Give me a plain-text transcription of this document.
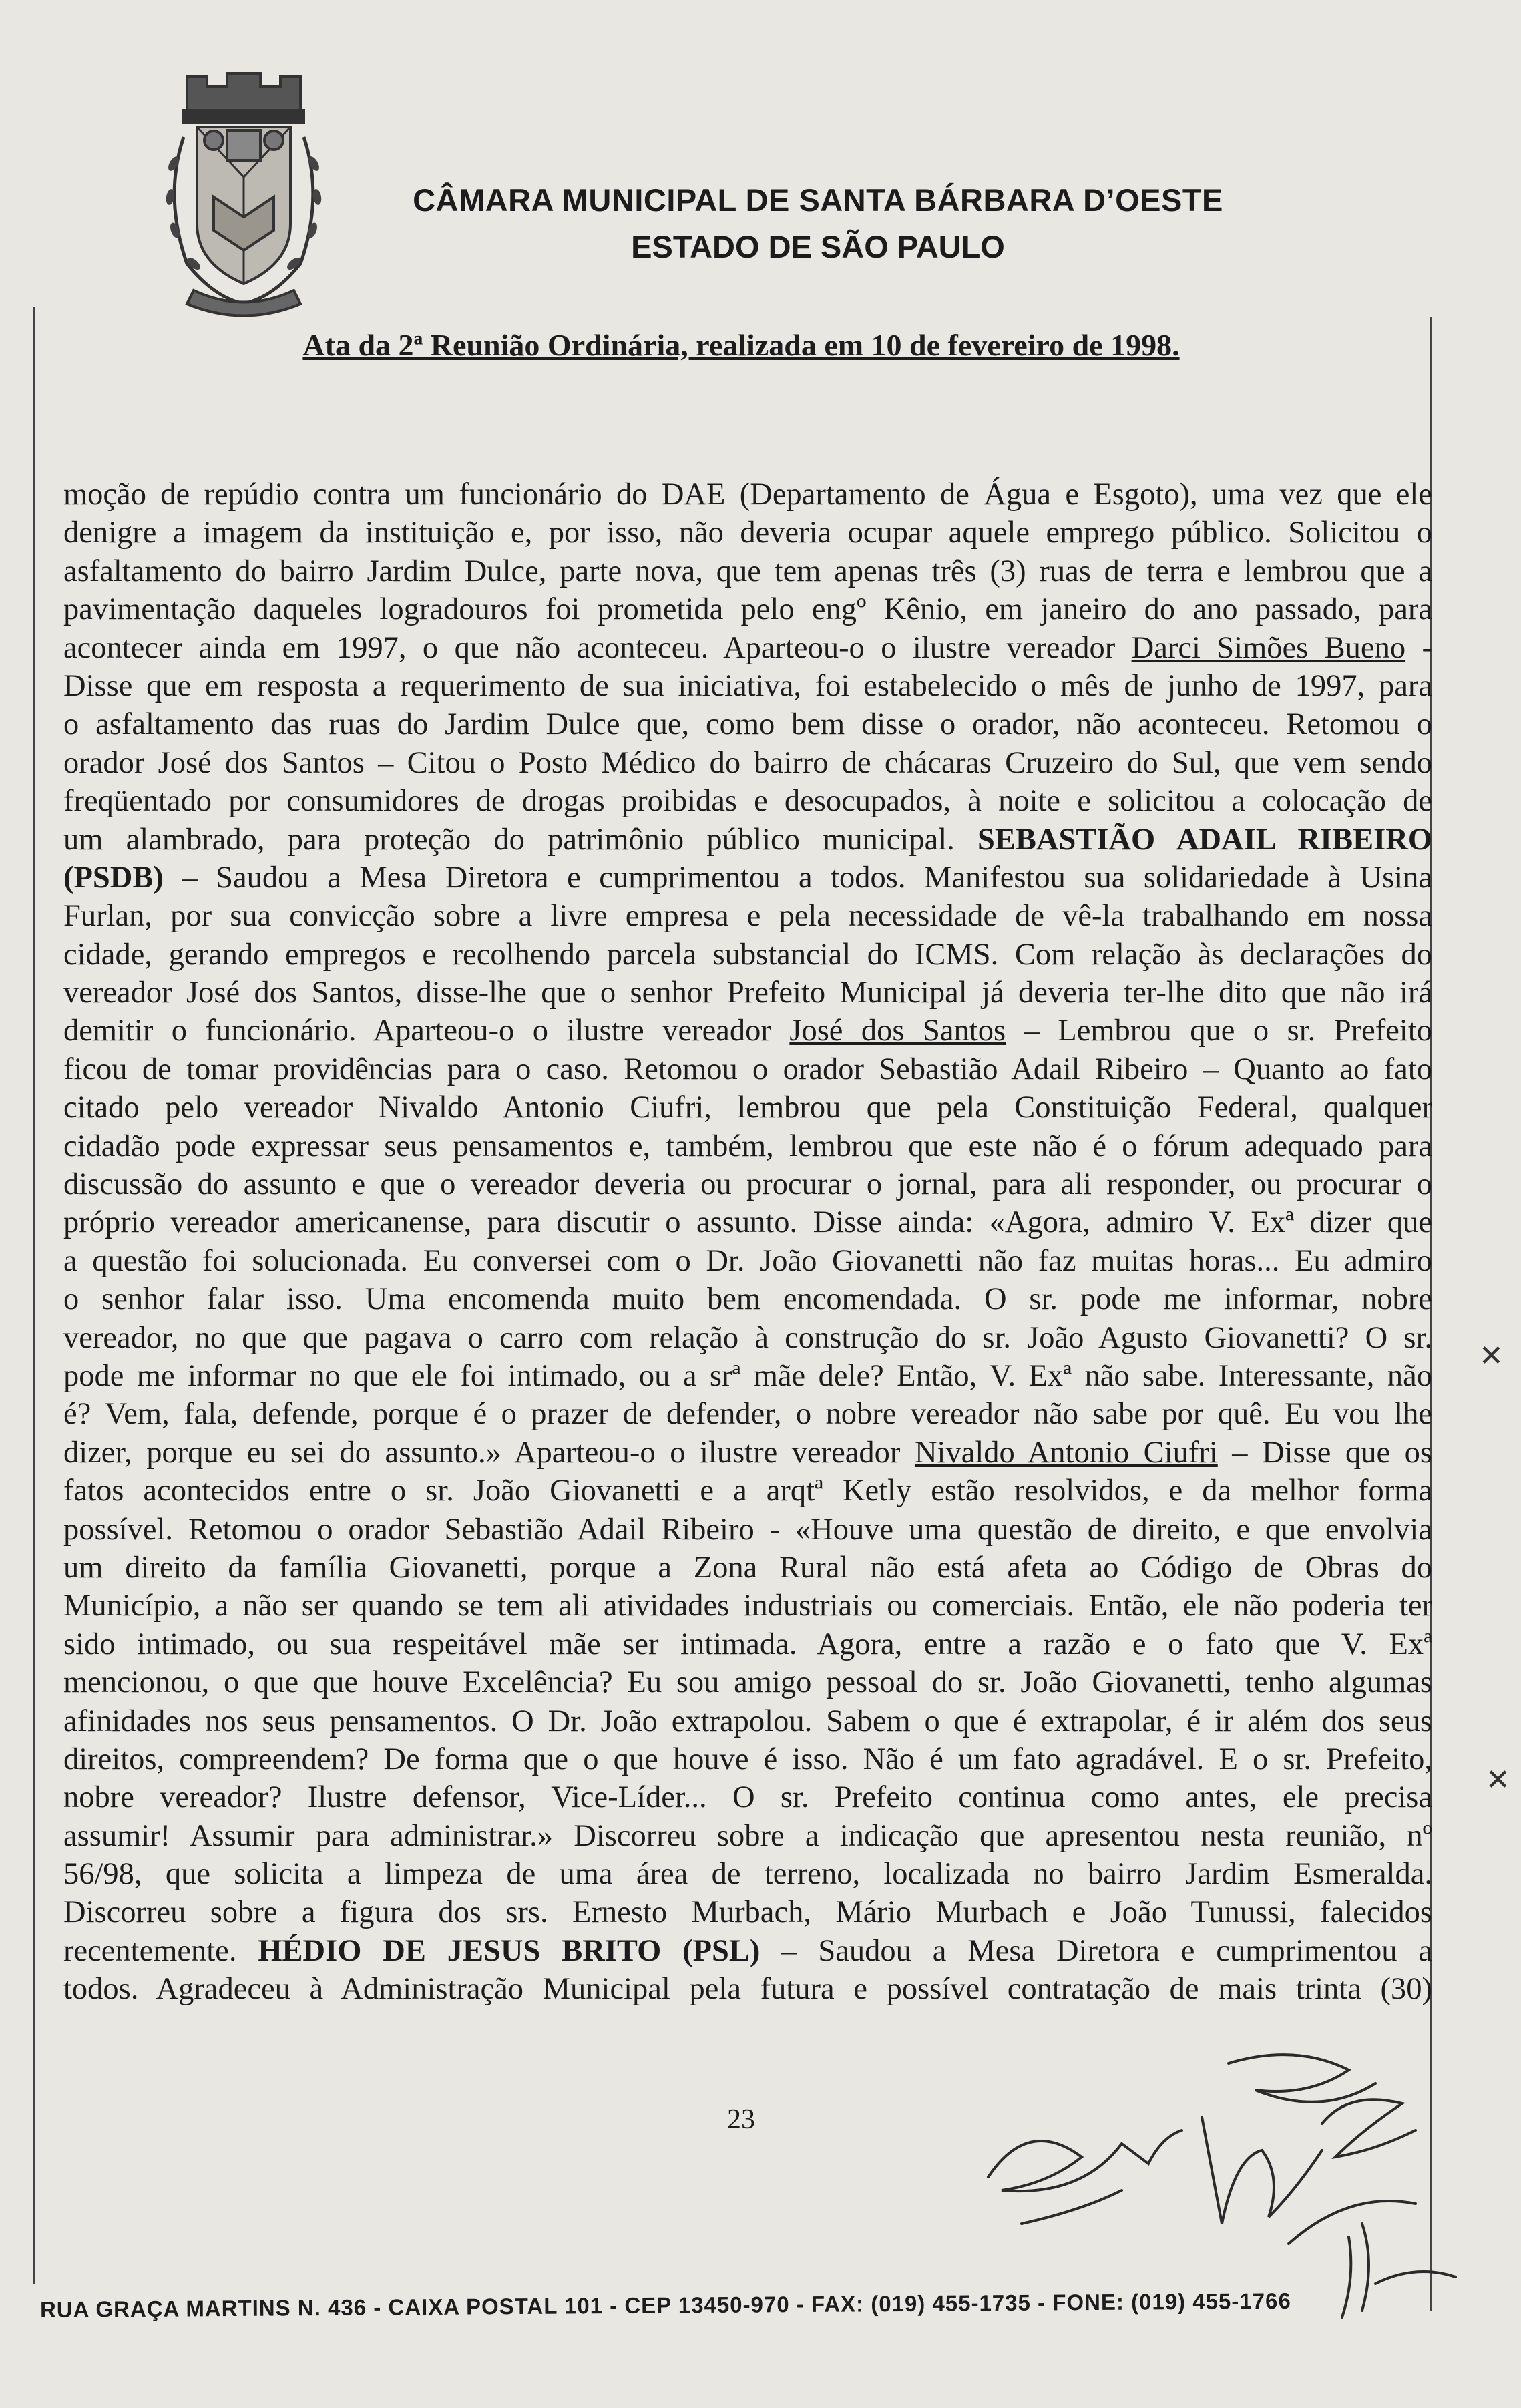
CÂMARA MUNICIPAL DE SANTA BÁRBARA D’OESTE
ESTADO DE SÃO PAULO
Ata da 2$^a$ Reunião Ordinária, realizada em 10 de fevereiro de 1998.
moção de repúdio contra um funcionário do DAE (Departamento de Água e Esgoto), uma vez que ele
denigre a imagem da instituição e, por isso, não deveria ocupar aquele emprego público. Solicitou o
asfaltamento do bairro Jardim Dulce, parte nova, que tem apenas três (3) ruas de terra e lembrou que a
pavimentação daqueles logradouros foi prometida pelo engº Kênio, em janeiro do ano passado, para
acontecer ainda em 1997, o que não aconteceu. Aparteou-o o ilustre vereador Darci Simões Bueno -
Disse que em resposta a requerimento de sua iniciativa, foi estabelecido o mês de junho de 1997, para
o asfaltamento das ruas do Jardim Dulce que, como bem disse o orador, não aconteceu. Retomou o
orador José dos Santos – Citou o Posto Médico do bairro de chácaras Cruzeiro do Sul, que vem sendo
freqüentado por consumidores de drogas proibidas e desocupados, à noite e solicitou a colocação de
um alambrado, para proteção do patrimônio público municipal. SEBASTIÃO ADAIL RIBEIRO
(PSDB) – Saudou a Mesa Diretora e cumprimentou a todos. Manifestou sua solidariedade à Usina
Furlan, por sua convicção sobre a livre empresa e pela necessidade de vê-la trabalhando em nossa
cidade, gerando empregos e recolhendo parcela substancial do ICMS. Com relação às declarações do
vereador José dos Santos, disse-lhe que o senhor Prefeito Municipal já deveria ter-lhe dito que não irá
demitir o funcionário. Aparteou-o o ilustre vereador José dos Santos – Lembrou que o sr. Prefeito
ficou de tomar providências para o caso. Retomou o orador Sebastião Adail Ribeiro – Quanto ao fato
citado pelo vereador Nivaldo Antonio Ciufri, lembrou que pela Constituição Federal, qualquer
cidadão pode expressar seus pensamentos e, também, lembrou que este não é o fórum adequado para
discussão do assunto e que o vereador deveria ou procurar o jornal, para ali responder, ou procurar o
próprio vereador americanense, para discutir o assunto. Disse ainda: «Agora, admiro V. Exª dizer que
a questão foi solucionada. Eu conversei com o Dr. João Giovanetti não faz muitas horas... Eu admiro
o senhor falar isso. Uma encomenda muito bem encomendada. O sr. pode me informar, nobre
vereador, no que que pagava o carro com relação à construção do sr. João Agusto Giovanetti? O sr.
pode me informar no que ele foi intimado, ou a srª mãe dele? Então, V. Exª não sabe. Interessante, não
é? Vem, fala, defende, porque é o prazer de defender, o nobre vereador não sabe por quê. Eu vou lhe
dizer, porque eu sei do assunto.» Aparteou-o o ilustre vereador Nivaldo Antonio Ciufri – Disse que os
fatos acontecidos entre o sr. João Giovanetti e a arqtª Ketly estão resolvidos, e da melhor forma
possível. Retomou o orador Sebastião Adail Ribeiro - «Houve uma questão de direito, e que envolvia
um direito da família Giovanetti, porque a Zona Rural não está afeta ao Código de Obras do
Município, a não ser quando se tem ali atividades industriais ou comerciais. Então, ele não poderia ter
sido intimado, ou sua respeitável mãe ser intimada. Agora, entre a razão e o fato que V. Exª
mencionou, o que que houve Excelência? Eu sou amigo pessoal do sr. João Giovanetti, tenho algumas
afinidades nos seus pensamentos. O Dr. João extrapolou. Sabem o que é extrapolar, é ir além dos seus
direitos, compreendem? De forma que o que houve é isso. Não é um fato agradável. E o sr. Prefeito,
nobre vereador? Ilustre defensor, Vice-Líder... O sr. Prefeito continua como antes, ele precisa
assumir! Assumir para administrar.» Discorreu sobre a indicação que apresentou nesta reunião, nº
56/98, que solicita a limpeza de uma área de terreno, localizada no bairro Jardim Esmeralda.
Discorreu sobre a figura dos srs. Ernesto Murbach, Mário Murbach e João Tunussi, falecidos
recentemente. HÉDIO DE JESUS BRITO (PSL) – Saudou a Mesa Diretora e cumprimentou a
todos. Agradeceu à Administração Municipal pela futura e possível contratação de mais trinta (30)
23
✕
✕
RUA GRAÇA MARTINS N. 436 - CAIXA POSTAL 101 - CEP 13450-970 - FAX: (019) 455-1735 - FONE: (019) 455-1766
